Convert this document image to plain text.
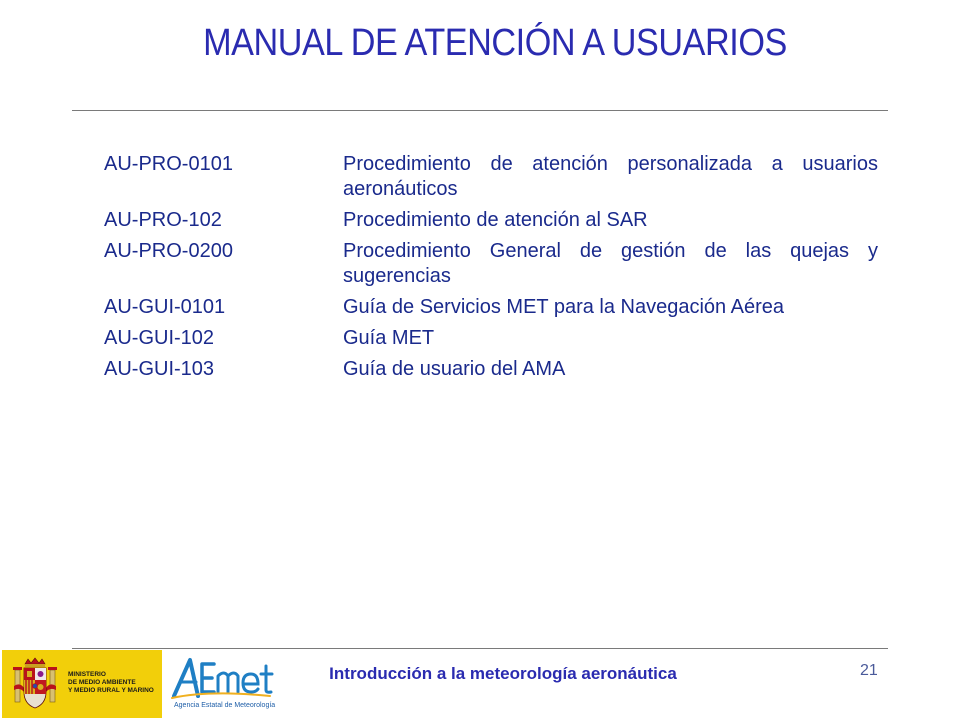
MANUAL DE ATENCIÓN A USUARIOS
AU-PRO-0101	Procedimiento de atención personalizada a usuarios aeronáuticos
AU-PRO-102	Procedimiento de atención al SAR
AU-PRO-0200	Procedimiento General de gestión de las quejas y sugerencias
AU-GUI-0101	Guía de Servicios MET para la Navegación Aérea
AU-GUI-102	Guía MET
AU-GUI-103	Guía de usuario del AMA
MINISTERIO
DE MEDIO AMBIENTE
Y MEDIO RURAL Y MARINO
Agencia Estatal de Meteorología
Introducción a la meteorología aeronáutica	21
